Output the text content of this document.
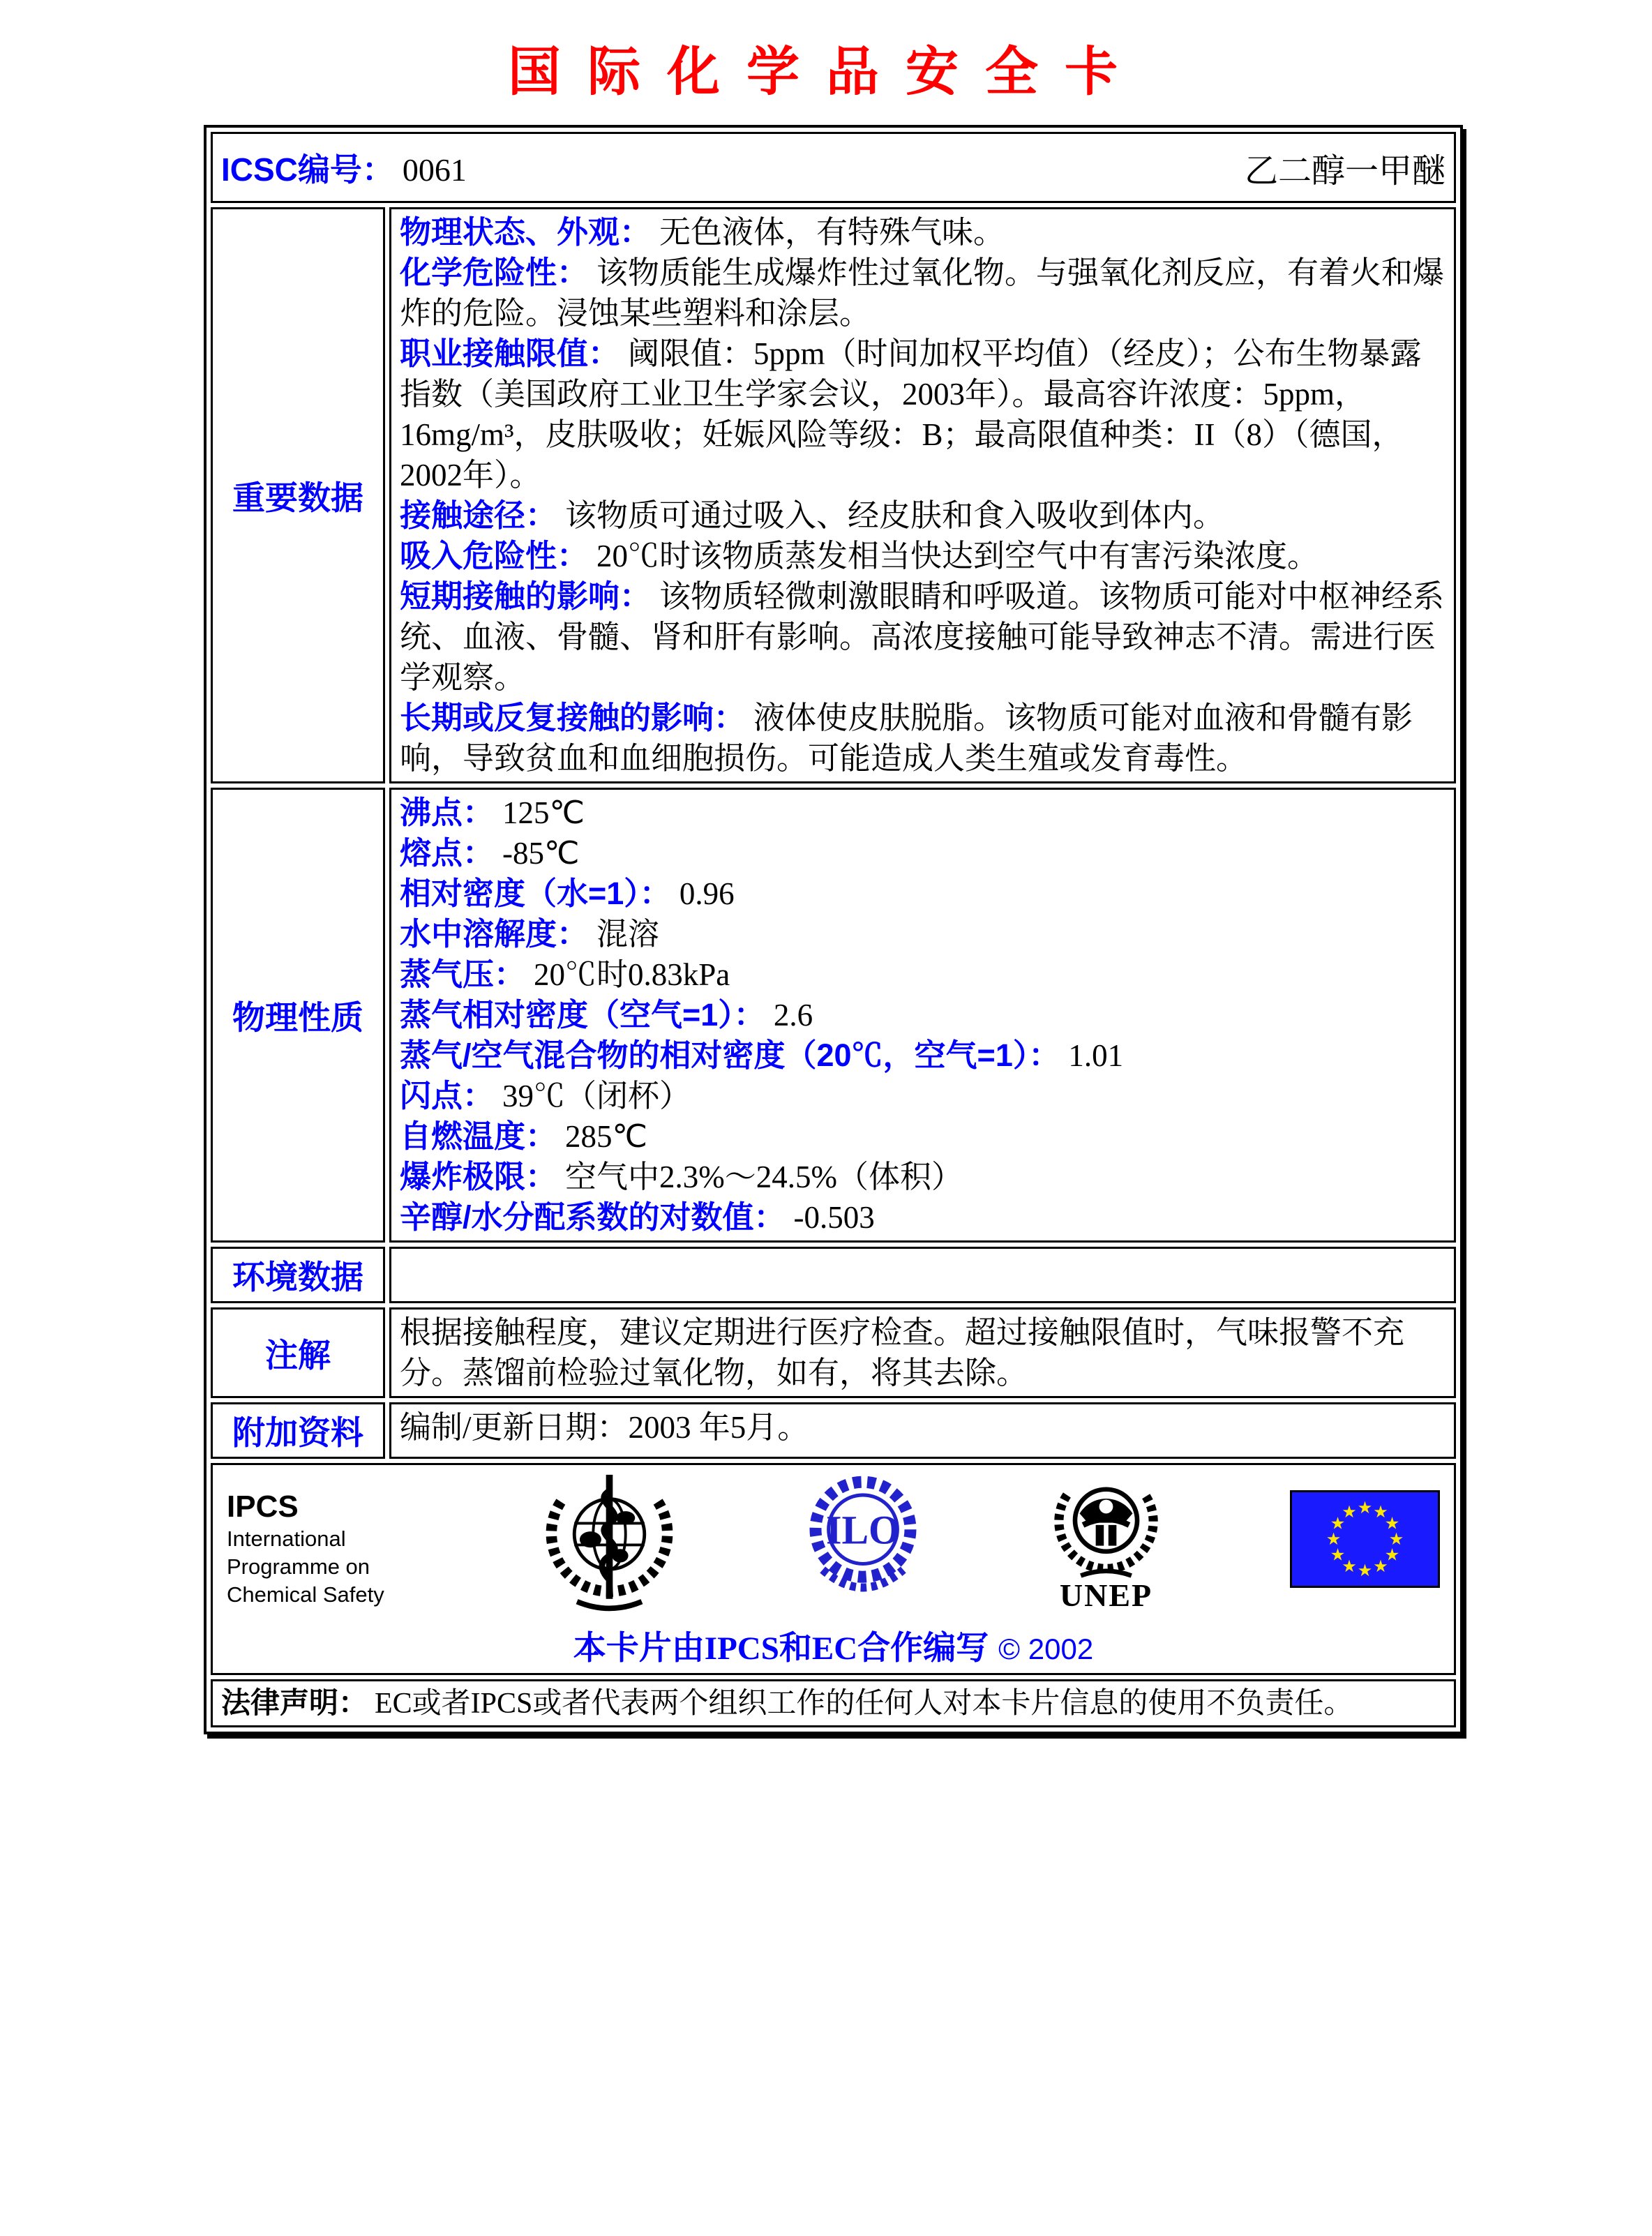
国际化学品安全卡
ICSC编号： 0061 乙二醇一甲醚	

重要数据	

物理状态、外观： 无色液体，有特殊气味。

化学危险性： 该物质能生成爆炸性过氧化物。与强氧化剂反应，有着火和爆炸的危险。浸蚀某些塑料和涂层。

职业接触限值： 阈限值：5ppm（时间加权平均值）（经皮）；公布生物暴露指数（美国政府工业卫生学家会议，2003年）。最高容许浓度：5ppm，16mg/m³，皮肤吸收；妊娠风险等级：B；最高限值种类：II（8）（德国，2002年）。

接触途径： 该物质可通过吸入、经皮肤和食入吸收到体内。

吸入危险性： 20℃时该物质蒸发相当快达到空气中有害污染浓度。

短期接触的影响： 该物质轻微刺激眼睛和呼吸道。该物质可能对中枢神经系统、血液、骨髓、肾和肝有影响。高浓度接触可能导致神志不清。需进行医学观察。

长期或反复接触的影响： 液体使皮肤脱脂。该物质可能对血液和骨髓有影响，导致贫血和血细胞损伤。可能造成人类生殖或发育毒性。

物理性质	

沸点： 125℃

熔点： -85℃

相对密度（水=1）： 0.96

水中溶解度： 混溶

蒸气压： 20℃时0.83kPa

蒸气相对密度（空气=1）： 2.6

蒸气/空气混合物的相对密度（20℃，空气=1）： 1.01

闪点： 39℃（闭杯）

自燃温度： 285℃

爆炸极限： 空气中2.3%～24.5%（体积）

辛醇/水分配系数的对数值： -0.503

环境数据	
注解	根据接触程度，建议定期进行医疗检查。超过接触限值时，气味报警不充分。蒸馏前检验过氧化物，如有，将其去除。

附加资料	编制/更新日期：2003 年5月。

IPCS
International
Programme on
Chemical Safety
ILO
UNEP
★ ★
★
★
★
★
★
★
★
★
★
★
本卡片由IPCS和EC合作编写 © 2002

法律声明： EC或者IPCS或者代表两个组织工作的任何人对本卡片信息的使用不负责任。	
